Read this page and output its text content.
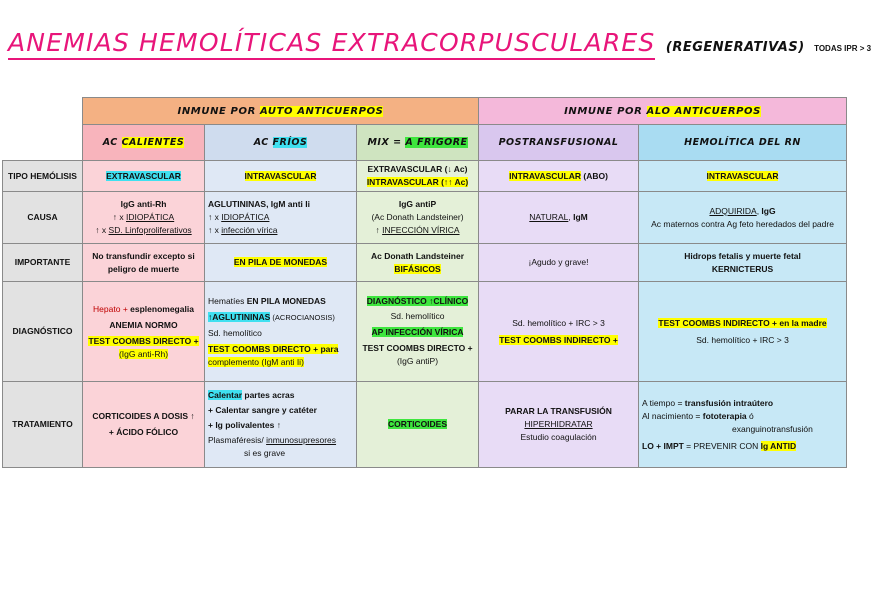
ANEMIAS HEMOLÍTICAS EXTRACORPUSCULARES (REGENERATIVAS) TODAS IPR > 3
	INMUNE POR AUTO ANTICUERPOS			INMUNE POR ALO ANTICUERPOS	
	AC CALIENTES	AC FRÍOS	MIX = A FRIGORE	POSTRANSFUSIONAL	HEMOLÍTICA DEL RN
TIPO HEMÓLISIS	EXTRAVASCULAR	INTRAVASCULAR	EXTRAVASCULAR (↓ Ac)
INTRAVASCULAR (↑↑ Ac)	INTRAVASCULAR (ABO)	INTRAVASCULAR
CAUSA	IgG anti-Rh
↑ x IDIOPÁTICA
↑ x SD. Linfoproliferativos	AGLUTININAS, IgM anti Ii
↑ x IDIOPÁTICA
↑ x infección vírica	IgG antiP
(Ac Donath Landsteiner)
↑ INFECCIÓN VÍRICA	NATURAL, IgM	ADQUIRIDA, IgG
Ac maternos contra Ag feto heredados del padre

IMPORTANTE	No transfundir excepto si peligro de muerte	EN PILA DE MONEDAS	Ac Donath Landsteiner
BIFÁSICOS	¡Agudo y grave!	Hidrops fetalis y muerte fetal
KERNICTERUS

DIAGNÓSTICO	Hepato + esplenomegalia
ANEMIA NORMO
TEST COOMBS DIRECTO +
(IgG anti-Rh)	Hematíes EN PILA MONEDAS
↑AGLUTININAS (ACROCIANOSIS)
Sd. hemolítico
TEST COOMBS DIRECTO + para
complemento (IgM anti Ii)	DIAGNÓSTICO ↑CLÍNICO
Sd. hemolítico
AP INFECCIÓN VÍRICA
TEST COOMBS DIRECTO +
(IgG antiP)	Sd. hemolítico + IRC > 3
TEST COOMBS INDIRECTO +	TEST COOMBS INDIRECTO + en la madre
Sd. hemolítico + IRC > 3

TRATAMIENTO	CORTICOIDES A DOSIS ↑
+ ÁCIDO FÓLICO	Calentar partes acras
+ Calentar sangre y catéter
+ Ig polivalentes ↑
Plasmaféresis/ inmunosupresores
si es grave	CORTICOIDES	PARAR LA TRANSFUSIÓN
HIPERHIDRATAR
Estudio coagulación	A tiempo = transfusión intraútero
Al nacimiento = fototerapia ó
exanguinotransfusión
LO + IMPT = PREVENIR CON Ig ANTID
